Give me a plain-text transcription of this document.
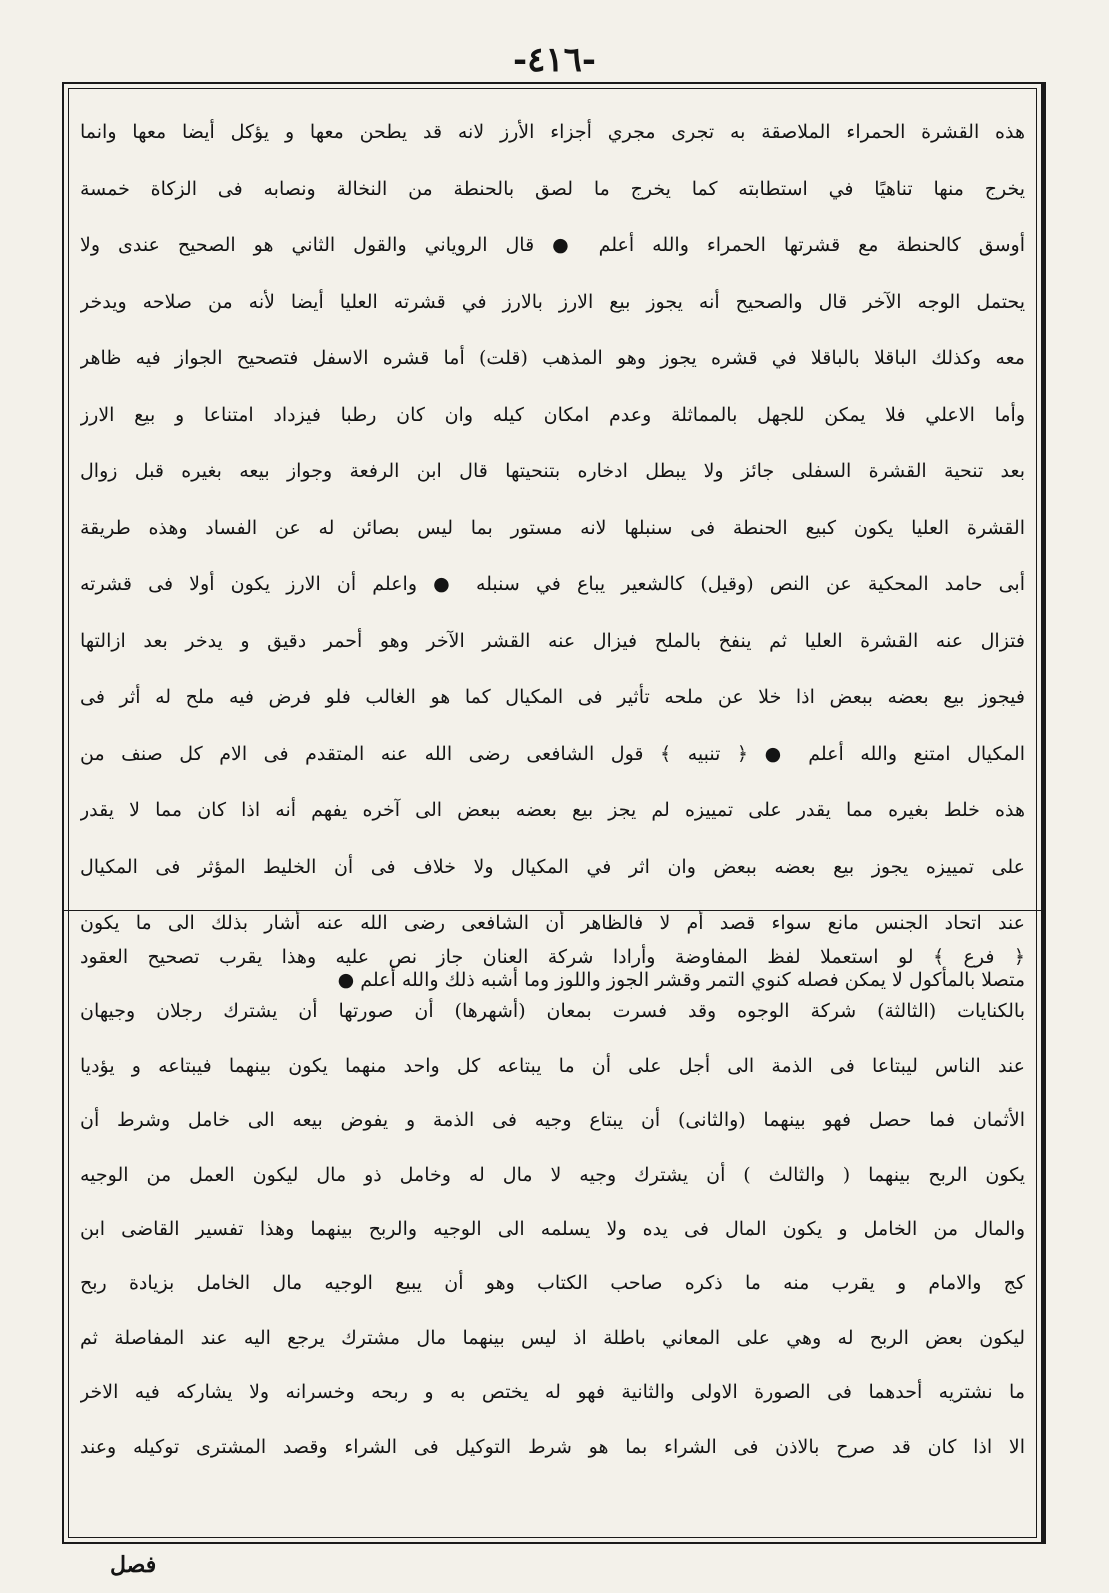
-٤١٦-
هذه القشرة الحمراء الملاصقة به تجرى مجري أجزاء الأرز لانه قد يطحن معها و يؤكل أيضا معها وانما
يخرج منها تناهيًا في استطابته كما يخرج ما لصق بالحنطة من النخالة ونصابه فى الزكاة خمسة
أوسق كالحنطة مع قشرتها الحمراء والله أعلم ● قال الروياني والقول الثاني هو الصحيح عندى ولا
يحتمل الوجه الآخر قال والصحيح أنه يجوز بيع الارز بالارز في قشرته العليا أيضا لأنه من صلاحه ويدخر
معه وكذلك الباقلا بالباقلا في قشره يجوز وهو المذهب (قلت) أما قشره الاسفل فتصحيح الجواز فيه ظاهر
وأما الاعلي فلا يمكن للجهل بالمماثلة وعدم امكان كيله وان كان رطبا فيزداد امتناعا و بيع الارز
بعد تنحية القشرة السفلى جائز ولا يبطل ادخاره بتنحيتها قال ابن الرفعة وجواز بيعه بغيره قبل زوال
القشرة العليا يكون كبيع الحنطة فى سنبلها لانه مستور بما ليس بصائن له عن الفساد وهذه طريقة
أبى حامد المحكية عن النص (وقيل) كالشعير يباع في سنبله ● واعلم أن الارز يكون أولا فى قشرته
فتزال عنه القشرة العليا ثم ينفخ بالملح فيزال عنه القشر الآخر وهو أحمر دقيق و يدخر بعد ازالتها
فيجوز بيع بعضه ببعض اذا خلا عن ملحه تأثير فى المكيال كما هو الغالب فلو فرض فيه ملح له أثر فى
المكيال امتنع والله أعلم ● ﴿ تنبيه ﴾ قول الشافعى رضى الله عنه المتقدم فى الام كل صنف من
هذه خلط بغيره مما يقدر على تمييزه لم يجز بيع بعضه ببعض الى آخره يفهم أنه اذا كان مما لا يقدر
على تمييزه يجوز بيع بعضه ببعض وان اثر في المكيال ولا خلاف فى أن الخليط المؤثر فى المكيال
عند اتحاد الجنس مانع سواء قصد أم لا فالظاهر أن الشافعى رضى الله عنه أشار بذلك الى ما يكون
متصلا بالمأكول لا يمكن فصله كنوي التمر وقشر الجوز واللوز وما أشبه ذلك والله أعلم ●
﴿ فرع ﴾ لو استعملا لفظ المفاوضة وأرادا شركة العنان جاز نص عليه وهذا يقرب تصحيح العقود
بالكنايات (الثالثة) شركة الوجوه وقد فسرت بمعان (أشهرها) أن صورتها أن يشترك رجلان وجيهان
عند الناس ليبتاعا فى الذمة الى أجل على أن ما يبتاعه كل واحد منهما يكون بينهما فيبتاعه و يؤديا
الأثمان فما حصل فهو بينهما (والثانى) أن يبتاع وجيه فى الذمة و يفوض بيعه الى خامل وشرط أن
يكون الربح بينهما ( والثالث ) أن يشترك وجيه لا مال له وخامل ذو مال ليكون العمل من الوجيه
والمال من الخامل و يكون المال فى يده ولا يسلمه الى الوجيه والربح بينهما وهذا تفسير القاضى ابن
كج والامام و يقرب منه ما ذكره صاحب الكتاب وهو أن يبيع الوجيه مال الخامل بزيادة ربح
ليكون بعض الربح له وهي على المعاني باطلة اذ ليس بينهما مال مشترك يرجع اليه عند المفاصلة ثم
ما نشتريه أحدهما فى الصورة الاولى والثانية فهو له يختص به و ربحه وخسرانه ولا يشاركه فيه الاخر
الا اذا كان قد صرح بالاذن فى الشراء بما هو شرط التوكيل فى الشراء وقصد المشترى توكيله وعند
فصل
